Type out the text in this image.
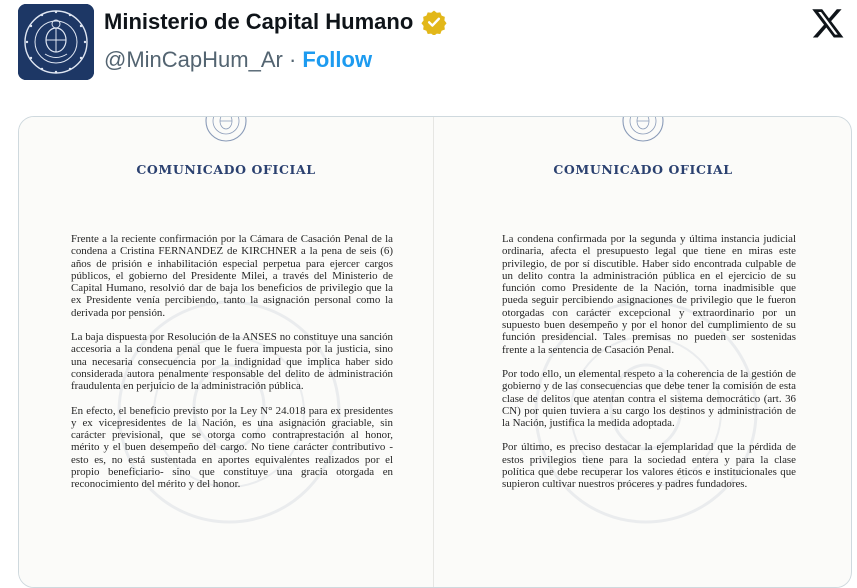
Ministerio de Capital Humano
@MinCapHum_Ar · Follow
COMUNICADO OFICIAL

Frente a la reciente confirmación por la Cámara de Casación Penal de la condena a Cristina FERNANDEZ de KIRCHNER a la pena de seis (6) años de prisión e inhabilitación especial perpetua para ejercer cargos públicos, el gobierno del Presidente Milei, a través del Ministerio de Capital Humano, resolvió dar de baja los beneficios de privilegio que la ex Presidente venía percibiendo, tanto la asignación personal como la derivada por pensión.

La baja dispuesta por Resolución de la ANSES no constituye una sanción accesoria a la condena penal que le fuera impuesta por la justicia, sino una necesaria consecuencia por la indignidad que implica haber sido considerada autora penalmente responsable del delito de administración fraudulenta en perjuicio de la administración pública.

En efecto, el beneficio previsto por la Ley N° 24.018 para ex presidentes y ex vicepresidentes de la Nación, es una asignación graciable, sin carácter previsional, que se otorga como contraprestación al honor, mérito y el buen desempeño del cargo. No tiene carácter contributivo -esto es, no está sustentada en aportes equivalentes realizados por el propio beneficiario- sino que constituye una gracia otorgada en reconocimiento del mérito y del honor.

COMUNICADO OFICIAL

La condena confirmada por la segunda y última instancia judicial ordinaria, afecta el presupuesto legal que tiene en miras este privilegio, de por sí discutible. Haber sido encontrada culpable de un delito contra la administración pública en el ejercicio de su función como Presidente de la Nación, torna inadmisible que pueda seguir percibiendo asignaciones de privilegio que le fueron otorgadas con carácter excepcional y extraordinario por un supuesto buen desempeño y por el honor del cumplimiento de su función presidencial. Tales premisas no pueden ser sostenidas frente a la sentencia de Casación Penal.

Por todo ello, un elemental respeto a la coherencia de la gestión de gobierno y de las consecuencias que debe tener la comisión de esta clase de delitos que atentan contra el sistema democrático (art. 36 CN) por quien tuviera a su cargo los destinos y administración de la Nación, justifica la medida adoptada.

Por último, es preciso destacar la ejemplaridad que la pérdida de estos privilegios tiene para la sociedad entera y para la clase política que debe recuperar los valores éticos e institucionales que supieron cultivar nuestros próceres y padres fundadores.
